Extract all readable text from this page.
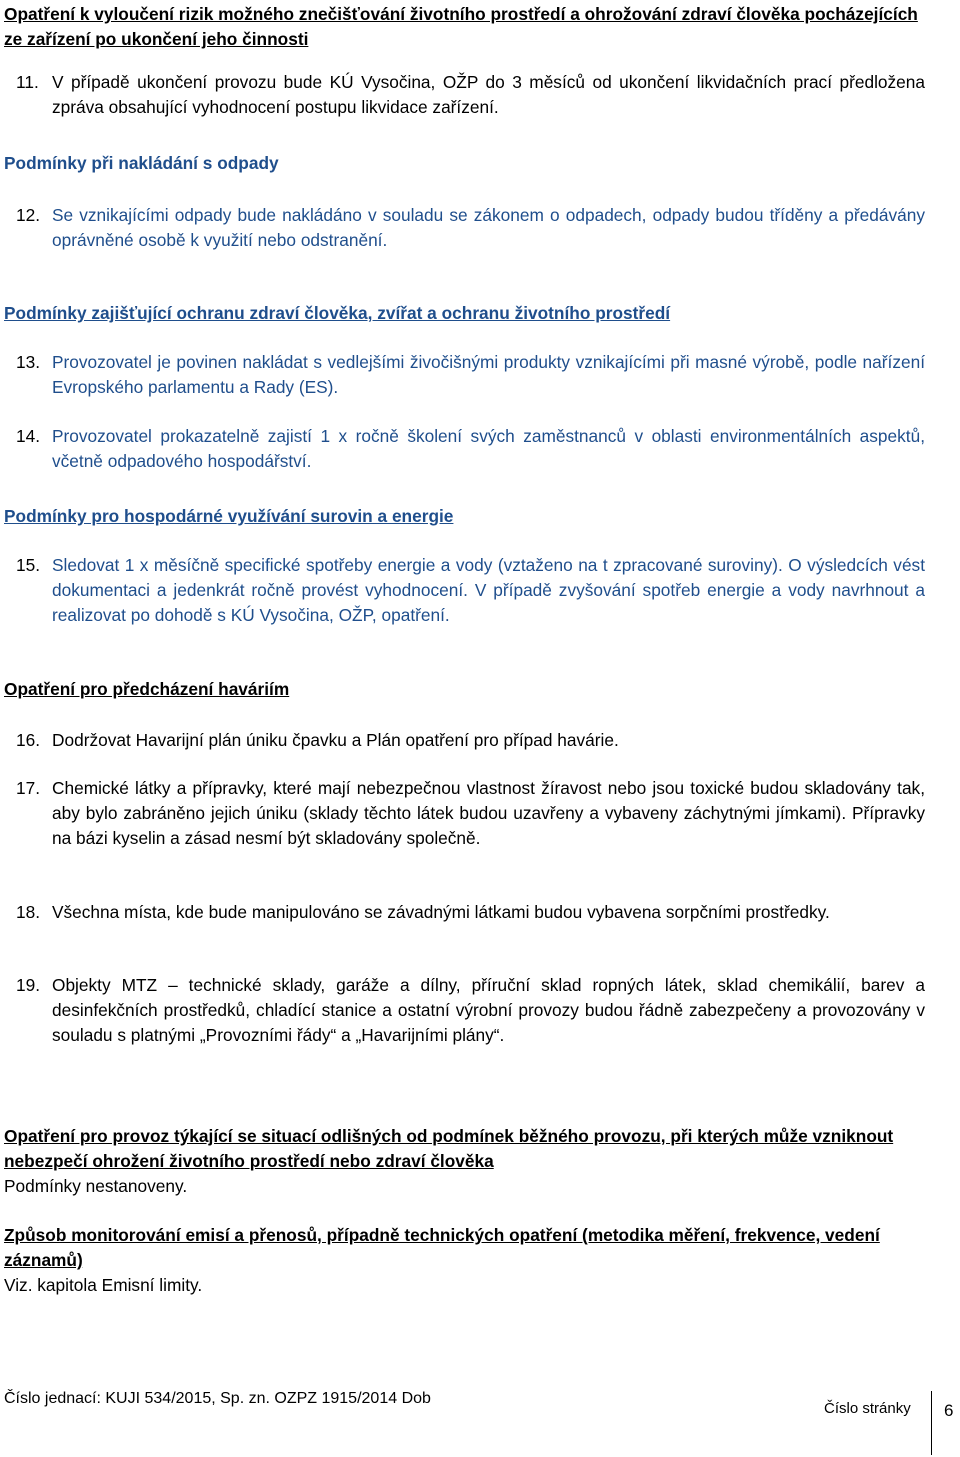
Opatření k vyloučení rizik možného znečišťování životního prostředí a ohrožování zdraví člověka pocházejících ze zařízení po ukončení jeho činnosti
11. V případě ukončení provozu bude KÚ Vysočina, OŽP do 3 měsíců od ukončení likvidačních prací předložena zpráva obsahující vyhodnocení postupu likvidace zařízení.
Podmínky při nakládání s odpady
12. Se vznikajícími odpady bude nakládáno v souladu se zákonem o odpadech, odpady budou tříděny a předávány oprávněné osobě k využití nebo odstranění.
Podmínky zajišťující ochranu zdraví člověka, zvířat a ochranu životního prostředí
13. Provozovatel je povinen nakládat s vedlejšími živočišnými produkty vznikajícími při masné výrobě, podle nařízení Evropského parlamentu a Rady (ES).
14. Provozovatel prokazatelně zajistí 1 x ročně školení svých zaměstnanců v oblasti environmentálních aspektů, včetně odpadového hospodářství.
Podmínky pro hospodárné využívání surovin a energie
15. Sledovat 1 x měsíčně specifické spotřeby energie a vody (vztaženo na t zpracované suroviny). O výsledcích vést dokumentaci a jedenkrát ročně provést vyhodnocení. V případě zvyšování spotřeb energie a vody navrhnout a realizovat po dohodě s KÚ Vysočina, OŽP, opatření.
Opatření pro předcházení haváriím
16. Dodržovat Havarijní plán úniku čpavku a Plán opatření pro případ havárie.
17. Chemické látky a přípravky, které mají nebezpečnou vlastnost žíravost nebo jsou toxické budou skladovány tak, aby bylo zabráněno jejich úniku (sklady těchto látek budou uzavřeny a vybaveny záchytnými jímkami). Přípravky na bázi kyselin a zásad nesmí být skladovány společně.
18. Všechna místa, kde bude manipulováno se závadnými látkami budou vybavena sorpčními prostředky.
19. Objekty MTZ – technické sklady, garáže a dílny, příruční sklad ropných látek, sklad chemikálií, barev a desinfekčních prostředků, chladící stanice a ostatní výrobní provozy budou řádně zabezpečeny a provozovány v souladu s platnými „Provozními řády“ a „Havarijními plány“.
Opatření pro provoz týkající se situací odlišných od podmínek běžného provozu, při kterých může vzniknout nebezpečí ohrožení životního prostředí nebo zdraví člověka
Podmínky nestanoveny.
Způsob monitorování emisí a přenosů, případně technických opatření (metodika měření, frekvence, vedení záznamů)
Viz. kapitola Emisní limity.
Číslo jednací: KUJI 534/2015, Sp. zn. OZPZ 1915/2014 Dob
Číslo stránky 6
